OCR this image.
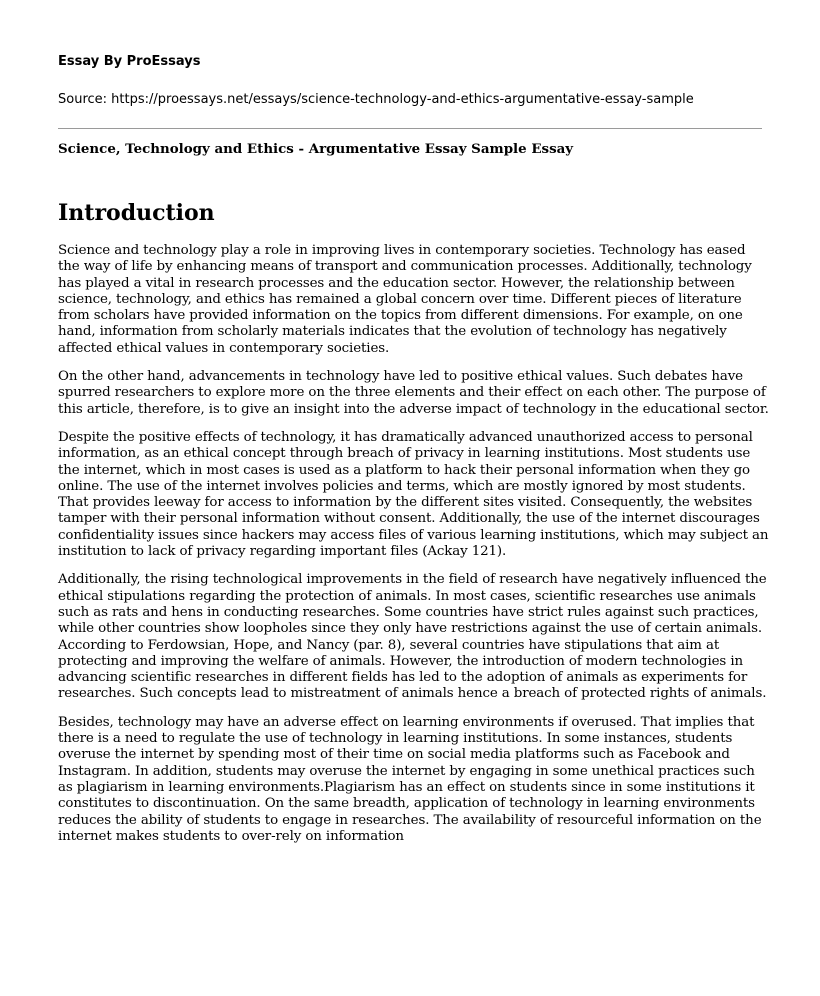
Essay By ProEssays

Source: https://proessays.net/essays/science-technology-and-ethics-argumentative-essay-sample

Science, Technology and Ethics - Argumentative Essay Sample Essay
Introduction

Science and technology play a role in improving lives in contemporary societies. Technology has eased the way of life by enhancing means of transport and communication processes. Additionally, technology has played a vital in research processes and the education sector. However, the relationship between science, technology, and ethics has remained a global concern over time. Different pieces of literature from scholars have provided information on the topics from different dimensions. For example, on one hand, information from scholarly materials indicates that the evolution of technology has negatively affected ethical values in contemporary societies.

On the other hand, advancements in technology have led to positive ethical values. Such debates have spurred researchers to explore more on the three elements and their effect on each other. The purpose of this article, therefore, is to give an insight into the adverse impact of technology in the educational sector.

Despite the positive effects of technology, it has dramatically advanced unauthorized access to personal information, as an ethical concept through breach of privacy in learning institutions. Most students use the internet, which in most cases is used as a platform to hack their personal information when they go online. The use of the internet involves policies and terms, which are mostly ignored by most students. That provides leeway for access to information by the different sites visited. Consequently, the websites tamper with their personal information without consent. Additionally, the use of the internet discourages confidentiality issues since hackers may access files of various learning institutions, which may subject an institution to lack of privacy regarding important files (Ackay 121).

Additionally, the rising technological improvements in the field of research have negatively influenced the ethical stipulations regarding the protection of animals. In most cases, scientific researches use animals such as rats and hens in conducting researches. Some countries have strict rules against such practices, while other countries show loopholes since they only have restrictions against the use of certain animals. According to Ferdowsian, Hope, and Nancy (par. 8), several countries have stipulations that aim at protecting and improving the welfare of animals. However, the introduction of modern technologies in advancing scientific researches in different fields has led to the adoption of animals as experiments for researches. Such concepts lead to mistreatment of animals hence a breach of protected rights of animals.

Besides, technology may have an adverse effect on learning environments if overused. That implies that there is a need to regulate the use of technology in learning institutions. In some instances, students overuse the internet by spending most of their time on social media platforms such as Facebook and Instagram. In addition, students may overuse the internet by engaging in some unethical practices such as plagiarism in learning environments.Plagiarism has an effect on students since in some institutions it constitutes to discontinuation. On the same breadth, application of technology in learning environments reduces the ability of students to engage in researches. The availability of resourceful information on the internet makes students to over-rely on information
